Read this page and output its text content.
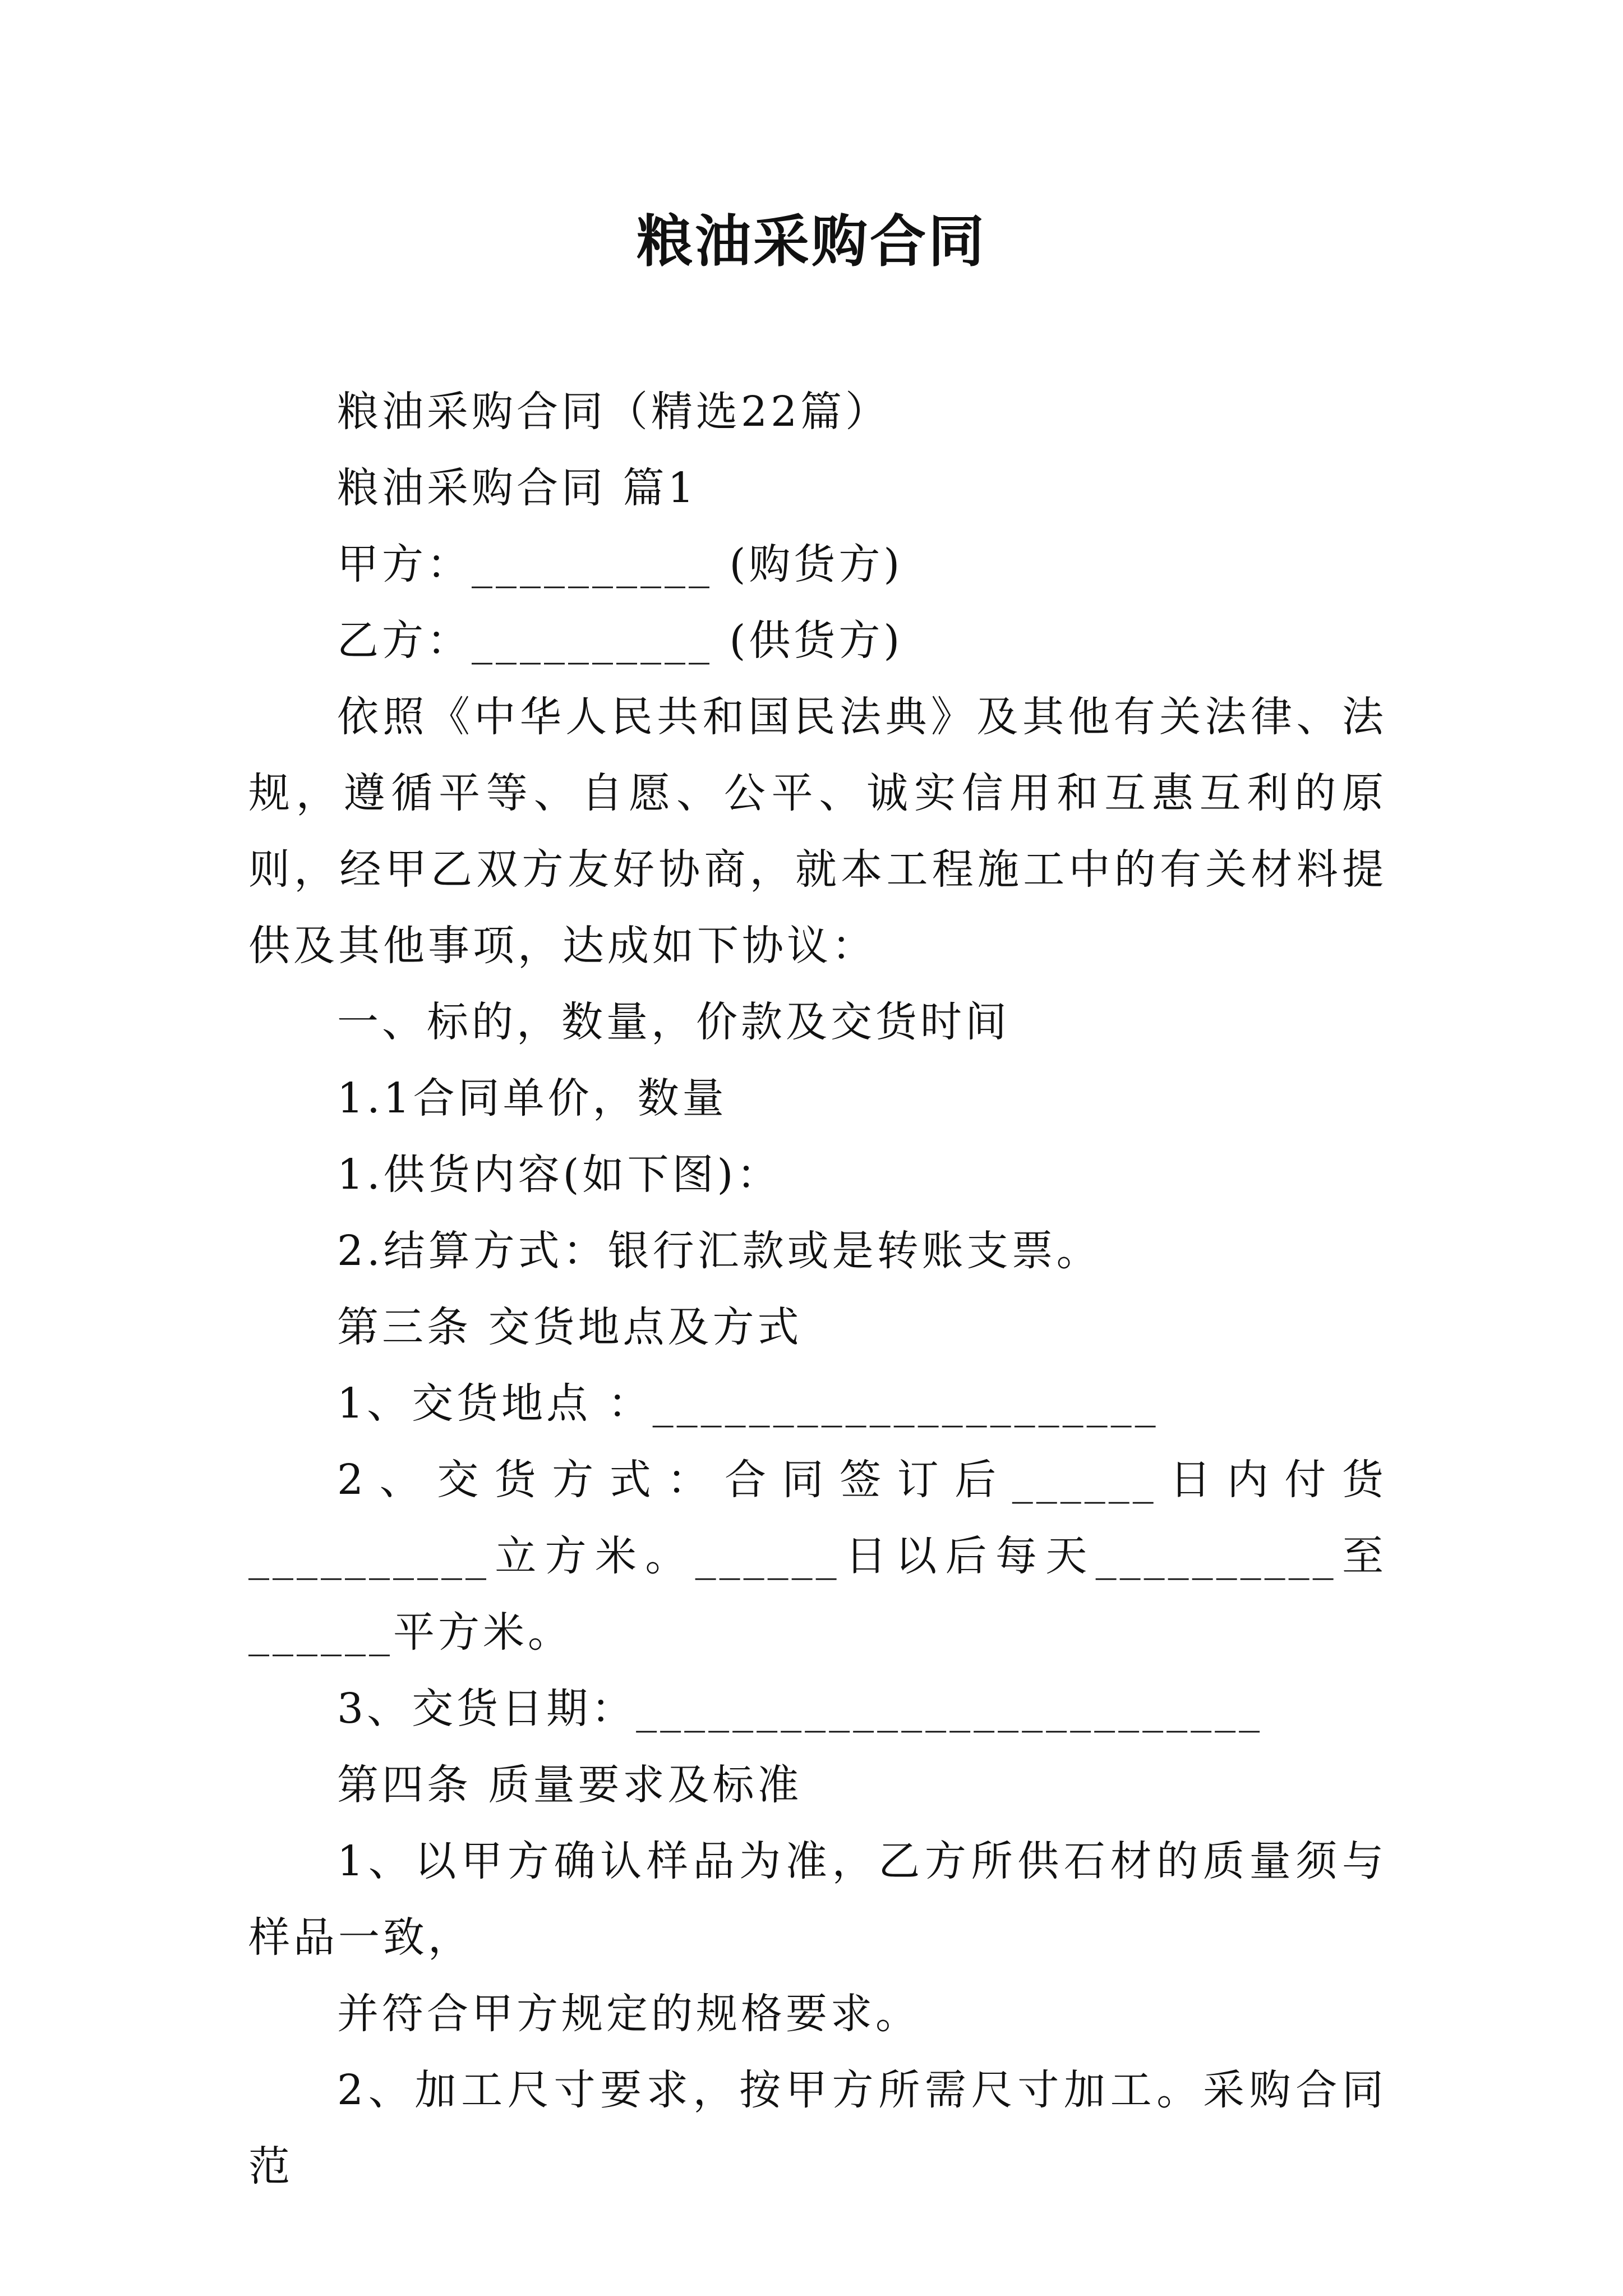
粮油采购合同

粮油采购合同（精选22篇）

粮油采购合同 篇1

甲方：__________ (购货方)

乙方：__________ (供货方)

依照《中华人民共和国民法典》及其他有关法律、法规，遵循平等、自愿、公平、诚实信用和互惠互利的原则，经甲乙双方友好协商，就本工程施工中的有关材料提供及其他事项，达成如下协议：

一、标的，数量，价款及交货时间

1.1合同单价，数量

1.供货内容(如下图)：

2.结算方式：银行汇款或是转账支票。

第三条 交货地点及方式

1、交货地点 ：_____________________

2、交货方式：合同签订后______日内付货__________立方米。______日以后每天__________至______平方米。

3、交货日期：__________________________

第四条 质量要求及标准

1、以甲方确认样品为准，乙方所供石材的质量须与样品一致，

并符合甲方规定的规格要求。

2、加工尺寸要求，按甲方所需尺寸加工。采购合同范
